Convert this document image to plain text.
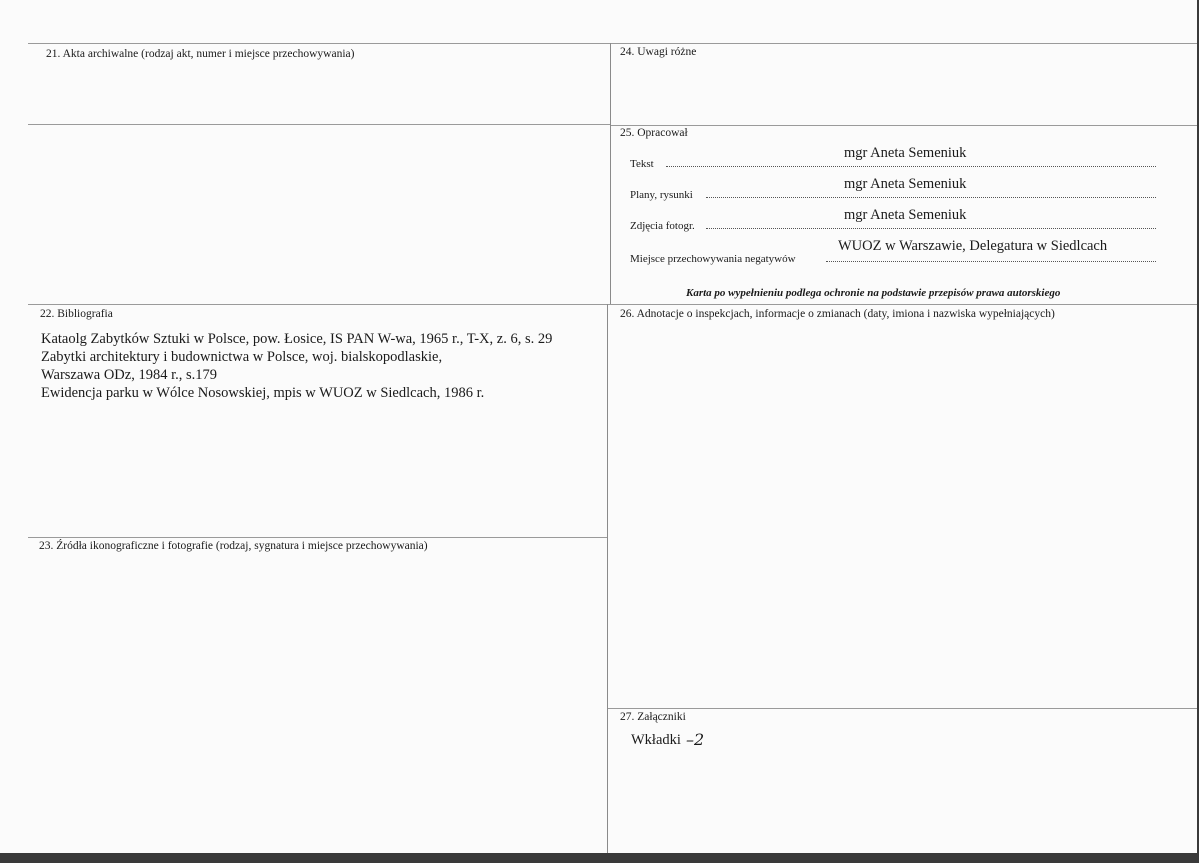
21. Akta archiwalne (rodzaj akt, numer i miejsce przechowywania)	24. Uwagi różne
25. Opracował
Tekst
mgr Aneta Semeniuk
Plany, rysunki
mgr Aneta Semeniuk
Zdjęcia fotogr.
mgr Aneta Semeniuk
Miejsce przechowywania negatywów
WUOZ w Warszawie, Delegatura w Siedlcach
Karta po wypełnieniu podlega ochronie na podstawie przepisów prawa autorskiego
22. Bibliografia
Kataolg Zabytków Sztuki w Polsce, pow. Łosice, IS PAN W-wa, 1965 r., T-X, z. 6, s. 29
Zabytki architektury i budownictwa w Polsce, woj. bialskopodlaskie,
Warszawa ODz, 1984 r., s.179
Ewidencja parku w Wólce Nosowskiej, mpis w WUOZ w Siedlcach, 1986 r.
26. Adnotacje o inspekcjach, informacje o zmianach (daty, imiona i nazwiska wypełniających)
23. Źródła ikonograficzne i fotografie (rodzaj, sygnatura i miejsce przechowywania)
27. Załączniki
Wkładki –2
